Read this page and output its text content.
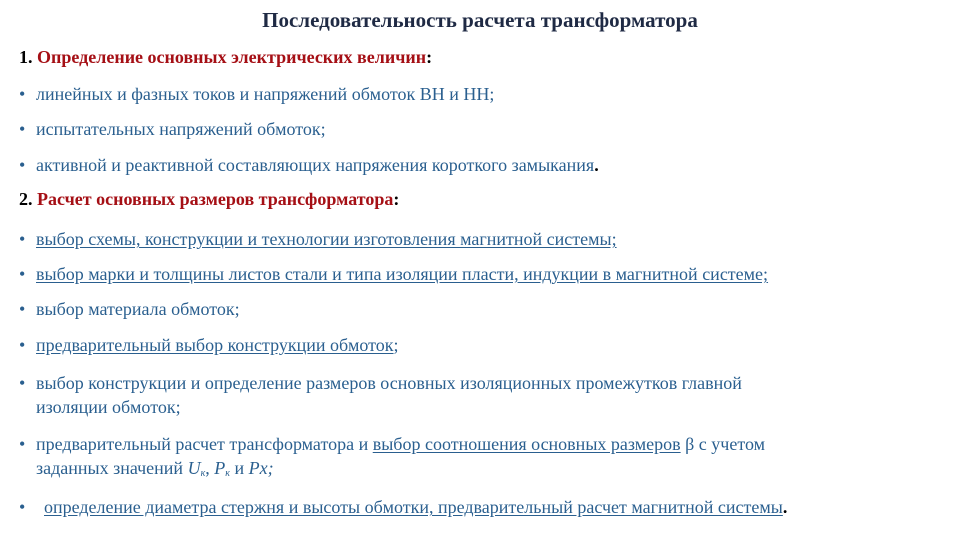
Последовательность расчета трансформатора
1. Определение основных электрических величин:
• линейных и фазных токов и напряжений обмоток ВН и НН;
• испытательных напряжений обмоток;
• активной и реактивной составляющих напряжения короткого замыкания.
2. Расчет основных размеров трансформатора:
• выбор схемы, конструкции и технологии изготовления магнитной системы;
• выбор марки и толщины листов стали и типа изоляции пласти, индукции в магнитной системе;
• выбор материала обмоток;
• предварительный выбор конструкции обмоток;
• выбор конструкции и определение размеров основных изоляционных промежутков главной
изоляции обмоток;
• предварительный расчет трансформатора и выбор соотношения основных размеров β с учетом
заданных значений $U_к$, $P_к$ и Px;
•	определение диаметра стержня и высоты обмотки, предварительный расчет магнитной системы.
